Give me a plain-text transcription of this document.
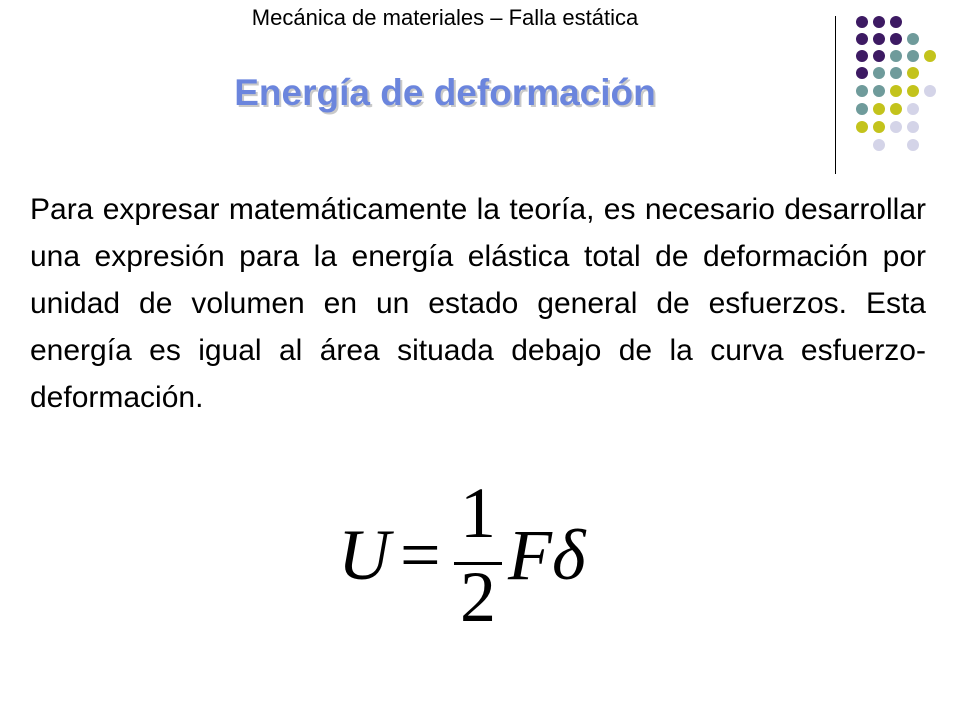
Mecánica de materiales – Falla estática
Energía de deformación
Para expresar matemáticamente la teoría, es necesario desarrollar una expresión para la energía elástica total de deformación por unidad de volumen en un estado general de esfuerzos. Esta energía es igual al área situada debajo de la curva esfuerzo-deformación.
U =
1
2
Fδ
